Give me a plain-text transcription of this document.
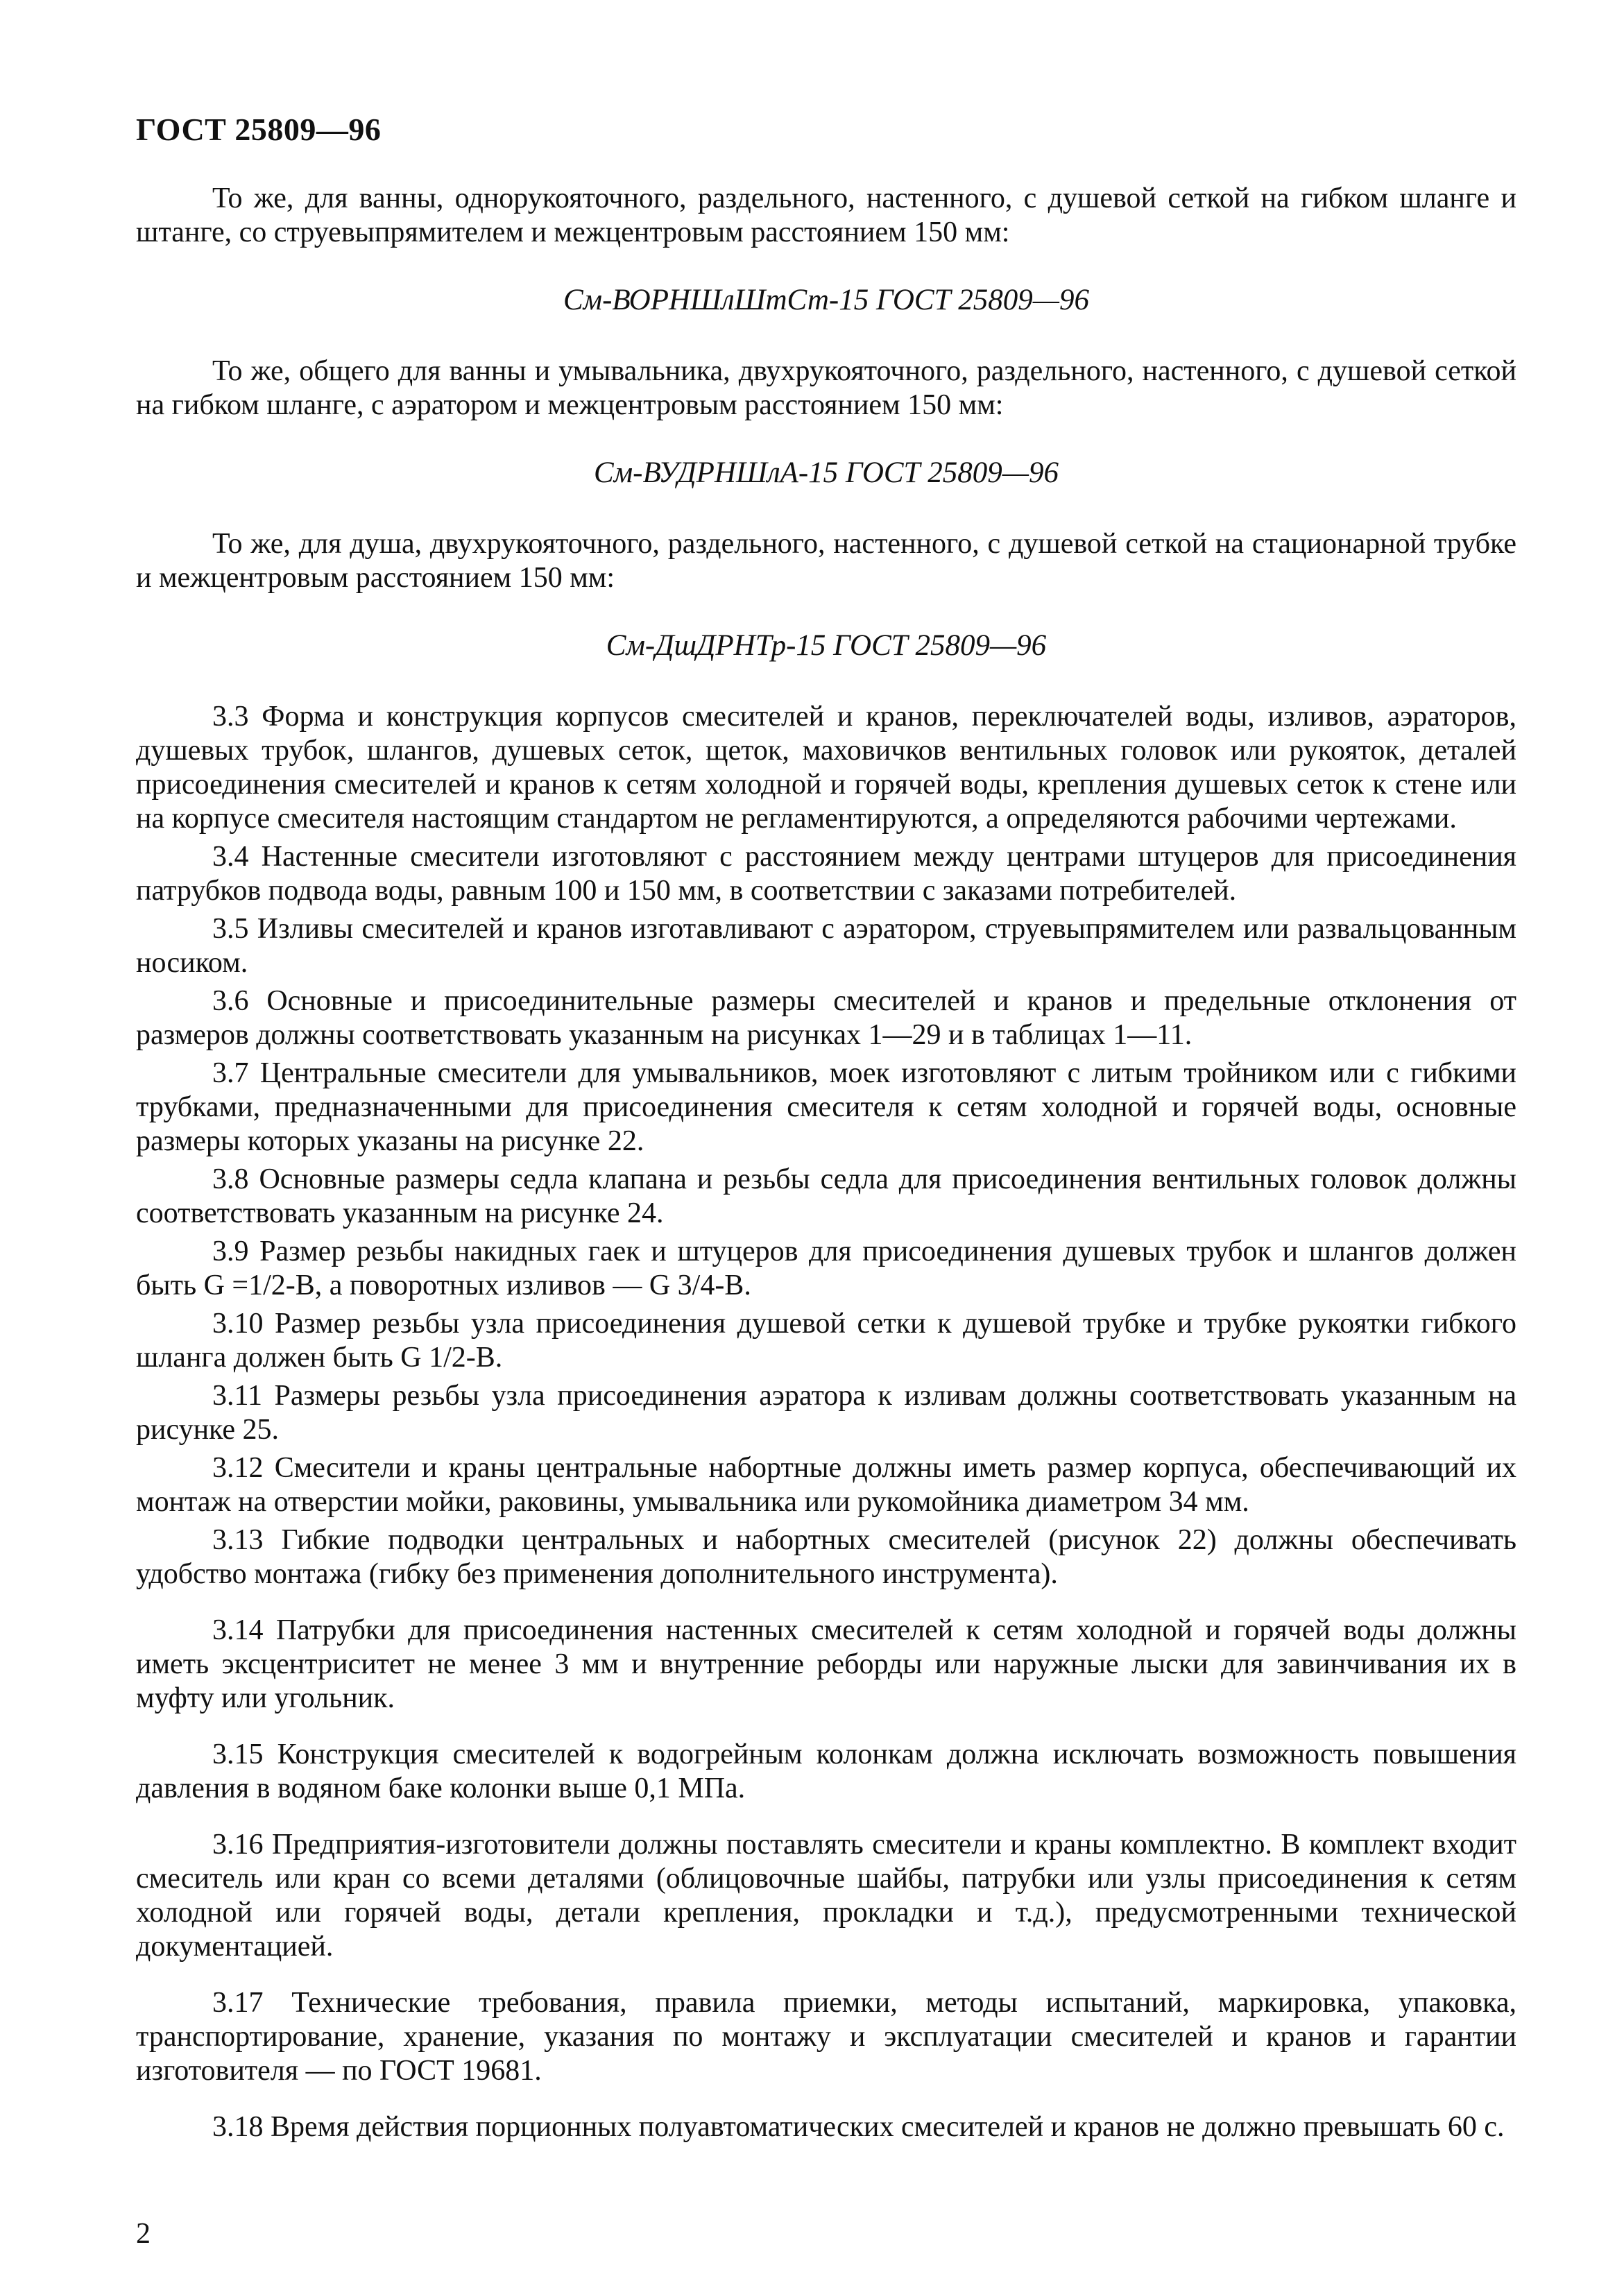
ГОСТ 25809—96

То же, для ванны, однорукояточного, раздельного, настенного, с душевой сеткой на гибком шланге и штанге, со струевыпрямителем и межцентровым расстоянием 150 мм:

См-ВОРНШлШтСт-15 ГОСТ 25809—96

То же, общего для ванны и умывальника, двухрукояточного, раздельного, настенного, с душевой сеткой на гибком шланге, с аэратором и межцентровым расстоянием 150 мм:

См-ВУДРНШлА-15 ГОСТ 25809—96

То же, для душа, двухрукояточного, раздельного, настенного, с душевой сеткой на стационарной трубке и межцентровым расстоянием 150 мм:

См-ДшДРНТр-15 ГОСТ 25809—96

3.3 Форма и конструкция корпусов смесителей и кранов, переключателей воды, изливов, аэраторов, душевых трубок, шлангов, душевых сеток, щеток, маховичков вентильных головок или рукояток, деталей присоединения смесителей и кранов к сетям холодной и горячей воды, крепления душевых сеток к стене или на корпусе смесителя настоящим стандартом не регламентируются, а определяются рабочими чертежами.

3.4 Настенные смесители изготовляют с расстоянием между центрами штуцеров для присоединения патрубков подвода воды, равным 100 и 150 мм, в соответствии с заказами потребителей.

3.5 Изливы смесителей и кранов изготавливают с аэратором, струевыпрямителем или развальцованным носиком.

3.6 Основные и присоединительные размеры смесителей и кранов и предельные отклонения от размеров должны соответствовать указанным на рисунках 1—29 и в таблицах 1—11.

3.7 Центральные смесители для умывальников, моек изготовляют с литым тройником или с гибкими трубками, предназначенными для присоединения смесителя к сетям холодной и горячей воды, основные размеры которых указаны на рисунке 22.

3.8 Основные размеры седла клапана и резьбы седла для присоединения вентильных головок должны соответствовать указанным на рисунке 24.

3.9 Размер резьбы накидных гаек и штуцеров для присоединения душевых трубок и шлангов должен быть G =1/2-B, а поворотных изливов — G 3/4-B.

3.10 Размер резьбы узла присоединения душевой сетки к душевой трубке и трубке рукоятки гибкого шланга должен быть G 1/2-B.

3.11 Размеры резьбы узла присоединения аэратора к изливам должны соответствовать указанным на рисунке 25.

3.12 Смесители и краны центральные набортные должны иметь размер корпуса, обеспечивающий их монтаж на отверстии мойки, раковины, умывальника или рукомойника диаметром 34 мм.

3.13 Гибкие подводки центральных и набортных смесителей (рисунок 22) должны обеспечивать удобство монтажа (гибку без применения дополнительного инструмента).

3.14 Патрубки для присоединения настенных смесителей к сетям холодной и горячей воды должны иметь эксцентриситет не менее 3 мм и внутренние реборды или наружные лыски для завинчивания их в муфту или угольник.

3.15 Конструкция смесителей к водогрейным колонкам должна исключать возможность повышения давления в водяном баке колонки выше 0,1 МПа.

3.16 Предприятия-изготовители должны поставлять смесители и краны комплектно. В комплект входит смеситель или кран со всеми деталями (облицовочные шайбы, патрубки или узлы присоединения к сетям холодной или горячей воды, детали крепления, прокладки и т.д.), предусмотренными технической документацией.

3.17 Технические требования, правила приемки, методы испытаний, маркировка, упаковка, транспортирование, хранение, указания по монтажу и эксплуатации смесителей и кранов и гарантии изготовителя — по ГОСТ 19681.

3.18 Время действия порционных полуавтоматических смесителей и кранов не должно превышать 60 с.

2
